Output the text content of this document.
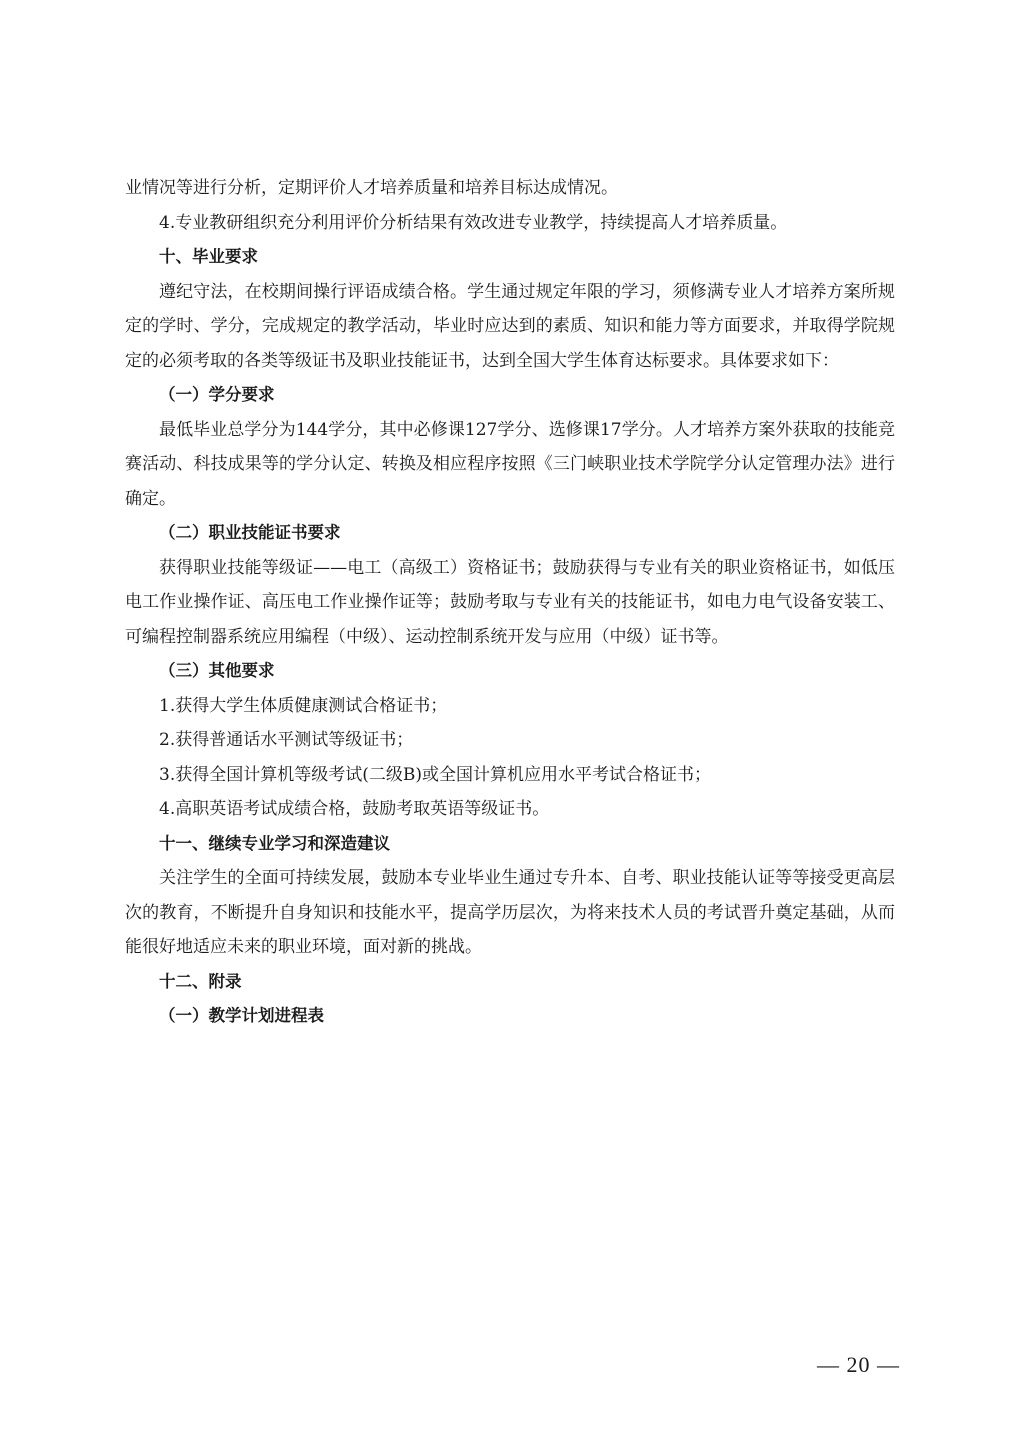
业情况等进行分析，定期评价人才培养质量和培养目标达成情况。

4.专业教研组织充分利用评价分析结果有效改进专业教学，持续提高人才培养质量。

十、毕业要求

遵纪守法，在校期间操行评语成绩合格。学生通过规定年限的学习，须修满专业人才培养方案所规定的学时、学分，完成规定的教学活动，毕业时应达到的素质、知识和能力等方面要求，并取得学院规定的必须考取的各类等级证书及职业技能证书，达到全国大学生体育达标要求。具体要求如下：

（一）学分要求

最低毕业总学分为144学分，其中必修课127学分、选修课17学分。人才培养方案外获取的技能竞赛活动、科技成果等的学分认定、转换及相应程序按照《三门峡职业技术学院学分认定管理办法》进行确定。

（二）职业技能证书要求

获得职业技能等级证——电工（高级工）资格证书；鼓励获得与专业有关的职业资格证书，如低压电工作业操作证、高压电工作业操作证等；鼓励考取与专业有关的技能证书，如电力电气设备安装工、可编程控制器系统应用编程（中级）、运动控制系统开发与应用（中级）证书等。

（三）其他要求
1.获得大学生体质健康测试合格证书；
2.获得普通话水平测试等级证书；
3.获得全国计算机等级考试(二级B)或全国计算机应用水平考试合格证书；
4.高职英语考试成绩合格，鼓励考取英语等级证书。
十一、继续专业学习和深造建议

关注学生的全面可持续发展，鼓励本专业毕业生通过专升本、自考、职业技能认证等等接受更高层次的教育，不断提升自身知识和技能水平，提高学历层次，为将来技术人员的考试晋升奠定基础，从而能很好地适应未来的职业环境，面对新的挑战。

十二、附录
（一）教学计划进程表
— 20 —
